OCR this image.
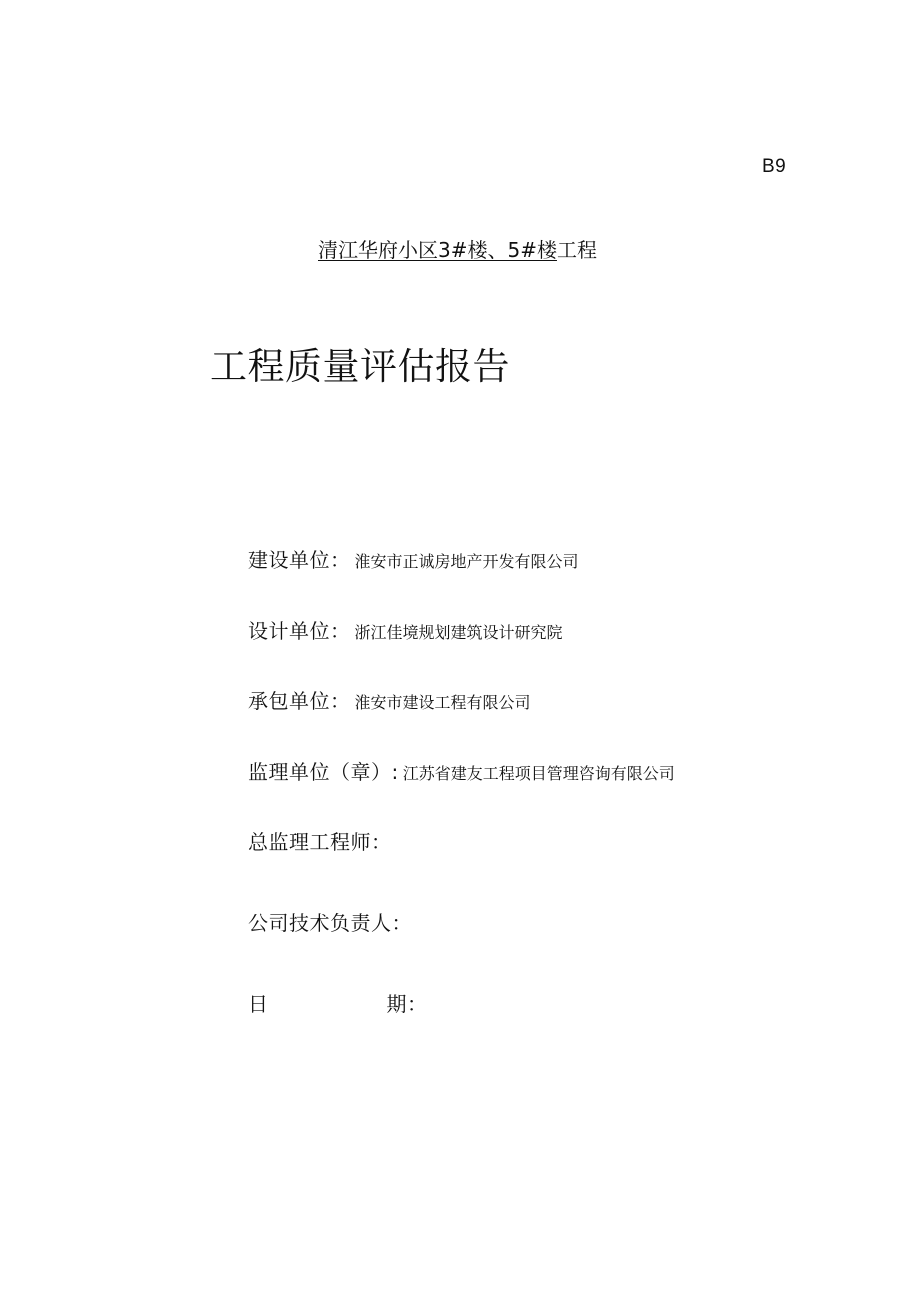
B9
清江华府小区3#楼、5#楼工程
工程质量评估报告
建设单位： 淮安市正诚房地产开发有限公司
设计单位： 浙江佳境规划建筑设计研究院
承包单位： 淮安市建设工程有限公司
监理单位（章）: 江苏省建友工程项目管理咨询有限公司
总监理工程师：
公司技术负责人：
日	期：
